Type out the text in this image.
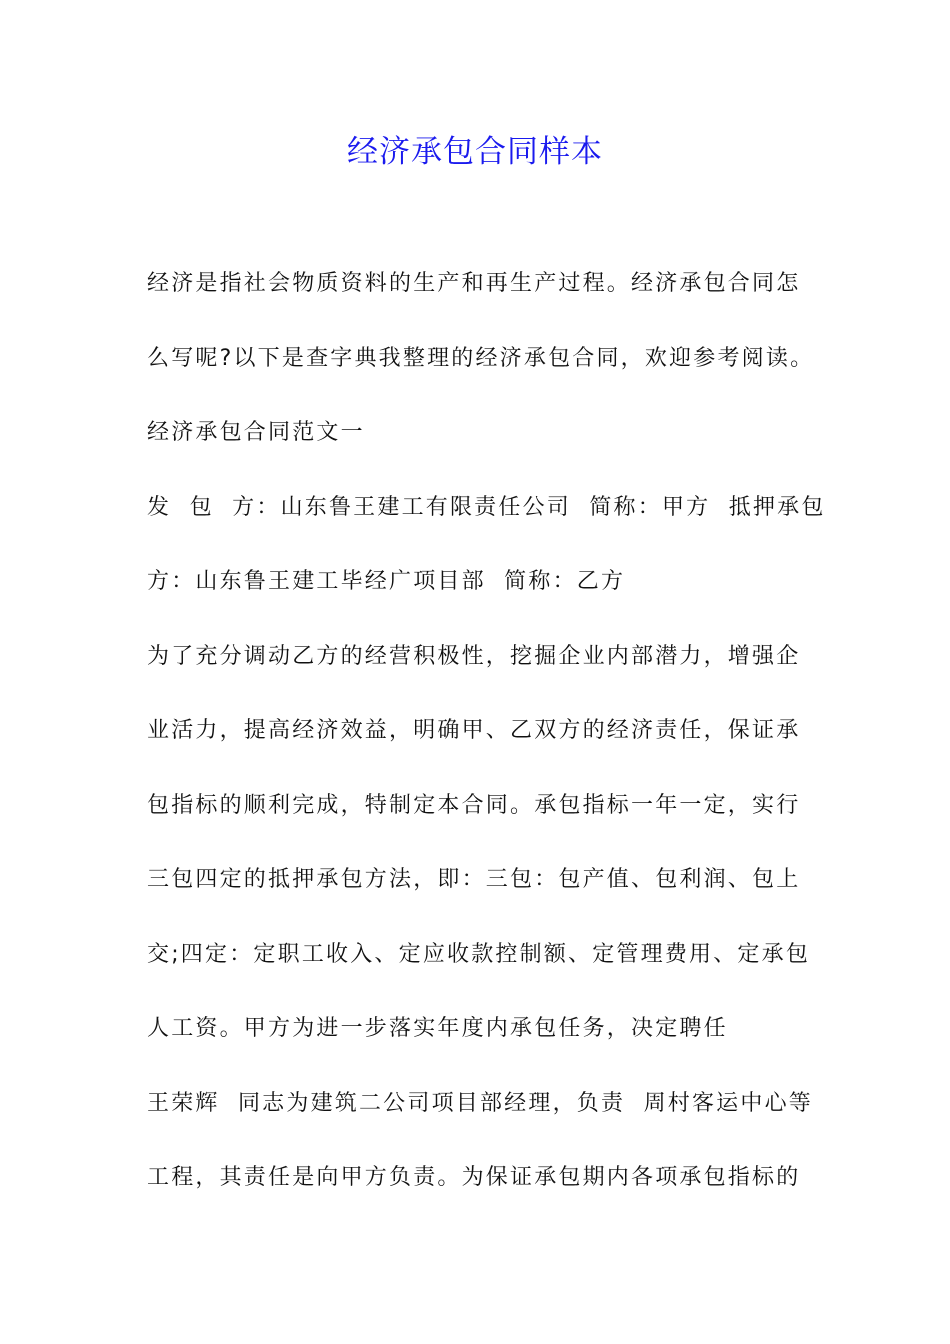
经济承包合同样本
经济是指社会物质资料的生产和再生产过程。经济承包合同怎
么写呢?以下是查字典我整理的经济承包合同，欢迎参考阅读。
经济承包合同范文一
发  包  方：山东鲁王建工有限责任公司  简称：甲方  抵押承包
方：山东鲁王建工毕经广项目部  简称：乙方
为了充分调动乙方的经营积极性，挖掘企业内部潜力，增强企
业活力，提高经济效益，明确甲、乙双方的经济责任，保证承
包指标的顺利完成，特制定本合同。承包指标一年一定，实行
三包四定的抵押承包方法，即：三包：包产值、包利润、包上
交;四定：定职工收入、定应收款控制额、定管理费用、定承包
人工资。甲方为进一步落实年度内承包任务，决定聘任
王荣辉  同志为建筑二公司项目部经理，负责  周村客运中心等
工程，其责任是向甲方负责。为保证承包期内各项承包指标的
